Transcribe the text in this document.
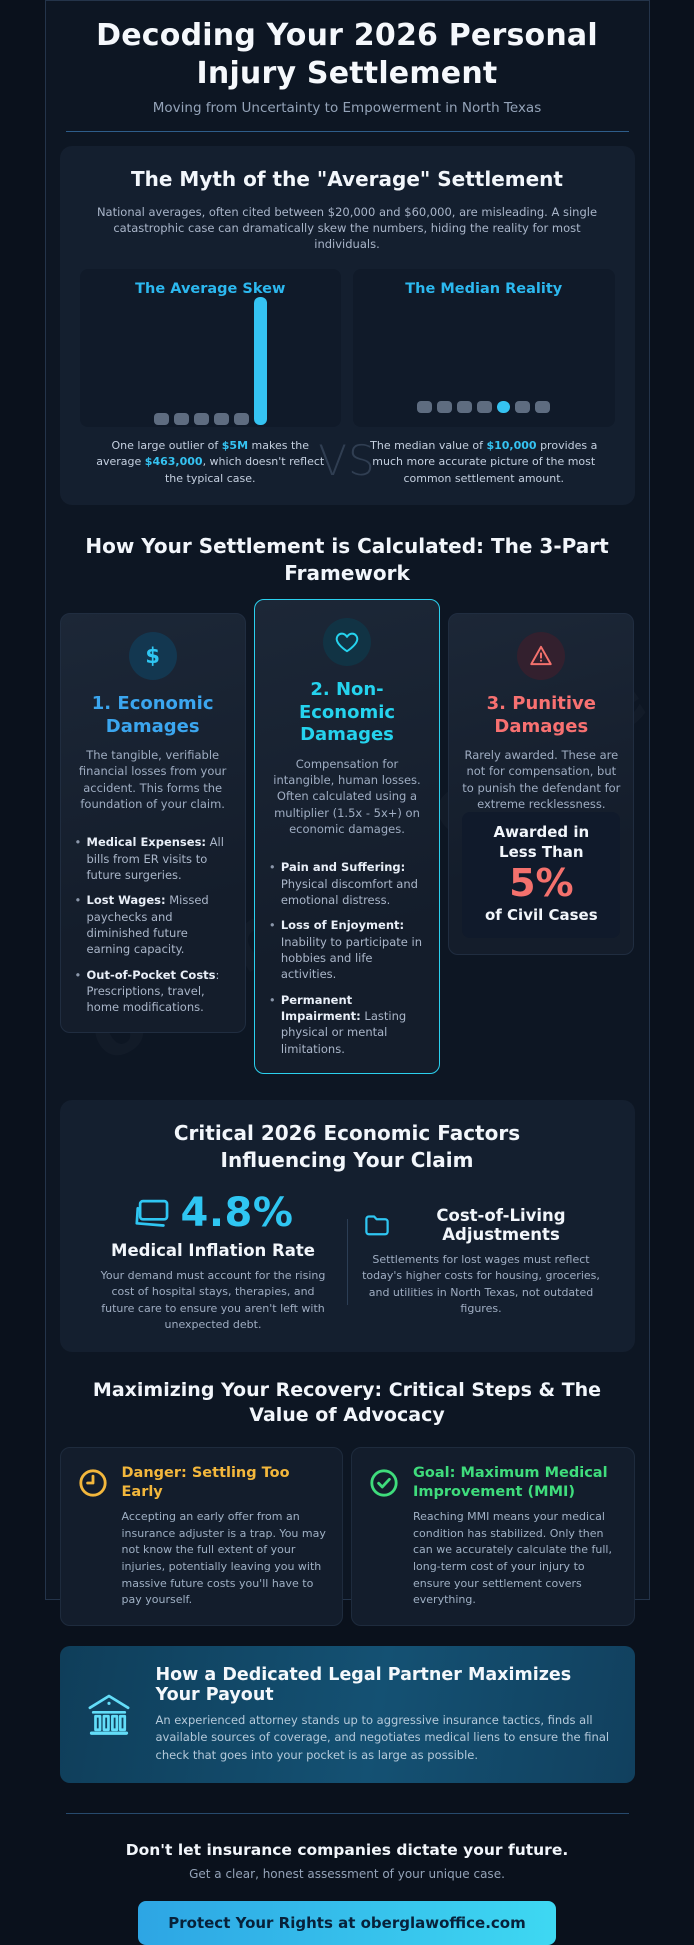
Decoding Your 2026 Personal Injury Settlement
Moving from Uncertainty to Empowerment in North Texas
The Myth of the "Average" Settlement

National averages, often cited between $20,000 and $60,000, are misleading. A single catastrophic case can dramatically skew the numbers, hiding the reality for most individuals.

The Average Skew

One large outlier of $5M makes the average $463,000, which doesn't reflect the typical case.	VS
The Median Reality

The median value of $10,000 provides a much more accurate picture of the most common settlement amount.

How Your Settlement is Calculated: The 3-Part Framework
$
1. Economic Damages

The tangible, verifiable financial losses from your accident. This forms the foundation of your claim.

• Medical Expenses: All bills from ER visits to future surgeries.
• Lost Wages: Missed paychecks and diminished future earning capacity.
• Out-of-Pocket Costs: Prescriptions, travel, home modifications.
2. Non-Economic Damages

Compensation for intangible, human losses. Often calculated using a multiplier (1.5x - 5x+) on economic damages.

• Pain and Suffering: Physical discomfort and emotional distress.
• Loss of Enjoyment: Inability to participate in hobbies and life activities.
• Permanent Impairment: Lasting physical or mental limitations.
3. Punitive Damages

Rarely awarded. These are not for compensation, but to punish the defendant for extreme recklessness.

Awarded in Less Than
5%
of Civil Cases
Critical 2026 Economic Factors Influencing Your Claim
4.8%
Medical Inflation Rate

Your demand must account for the rising cost of hospital stays, therapies, and future care to ensure you aren't left with unexpected debt.

Cost-of-Living Adjustments

Settlements for lost wages must reflect today's higher costs for housing, groceries, and utilities in North Texas, not outdated figures.

Maximizing Your Recovery: Critical Steps & The Value of Advocacy
Danger: Settling Too Early

Accepting an early offer from an insurance adjuster is a trap. You may not know the full extent of your injuries, potentially leaving you with massive future costs you'll have to pay yourself.

Goal: Maximum Medical Improvement (MMI)

Reaching MMI means your medical condition has stabilized. Only then can we accurately calculate the full, long-term cost of your injury to ensure your settlement covers everything.

How a Dedicated Legal Partner Maximizes Your Payout

An experienced attorney stands up to aggressive insurance tactics, finds all available sources of coverage, and negotiates medical liens to ensure the final check that goes into your pocket is as large as possible.

Don't let insurance companies dictate your future.
Get a clear, honest assessment of your unique case.
Protect Your Rights at oberglawoffice.com
